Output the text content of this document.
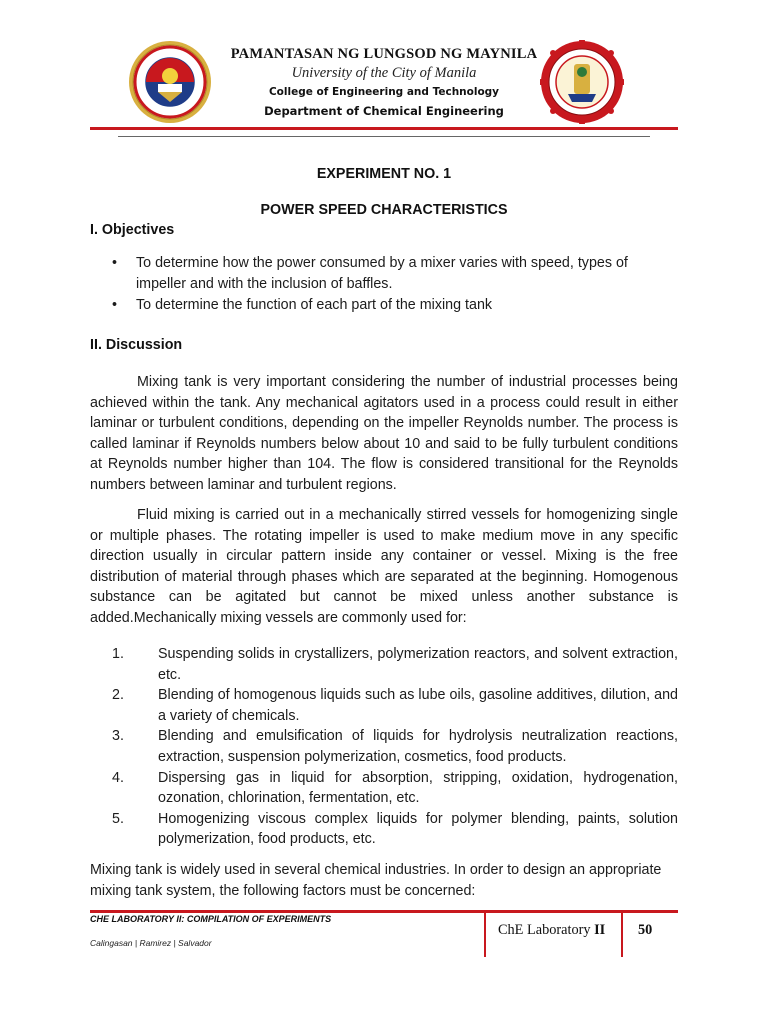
PAMANTASAN NG LUNGSOD NG MAYNILA
University of the City of Manila
College of Engineering and Technology
Department of Chemical Engineering
EXPERIMENT NO. 1
POWER SPEED CHARACTERISTICS
I. Objectives
• To determine how the power consumed by a mixer varies with speed, types of impeller and with the inclusion of baffles.
• To determine the function of each part of the mixing tank
II. Discussion

Mixing tank is very important considering the number of industrial processes being achieved within the tank. Any mechanical agitators used in a process could result in either laminar or turbulent conditions, depending on the impeller Reynolds number. The process is called laminar if Reynolds numbers below about 10 and said to be fully turbulent conditions at Reynolds number higher than 104. The flow is considered transitional for the Reynolds numbers between laminar and turbulent regions.

Fluid mixing is carried out in a mechanically stirred vessels for homogenizing single or multiple phases. The rotating impeller is used to make medium move in any specific direction usually in circular pattern inside any container or vessel. Mixing is the free distribution of material through phases which are separated at the beginning. Homogenous substance can be agitated but cannot be mixed unless another substance is added.Mechanically mixing vessels are commonly used for:

1. Suspending solids in crystallizers, polymerization reactors, and solvent extraction, etc.
2. Blending of homogenous liquids such as lube oils, gasoline additives, dilution, and a variety of chemicals.
3. Blending and emulsification of liquids for hydrolysis neutralization reactions, extraction, suspension polymerization, cosmetics, food products.
4. Dispersing gas in liquid for absorption, stripping, oxidation, hydrogenation, ozonation, chlorination, fermentation, etc.
5. Homogenizing viscous complex liquids for polymer blending, paints, solution polymerization, food products, etc.

Mixing tank is widely used in several chemical industries. In order to design an appropriate mixing tank system, the following factors must be concerned:

CHE LABORATORY II: COMPILATION OF EXPERIMENTS
Calingasan | Ramirez | Salvador
ChE Laboratory II 50
